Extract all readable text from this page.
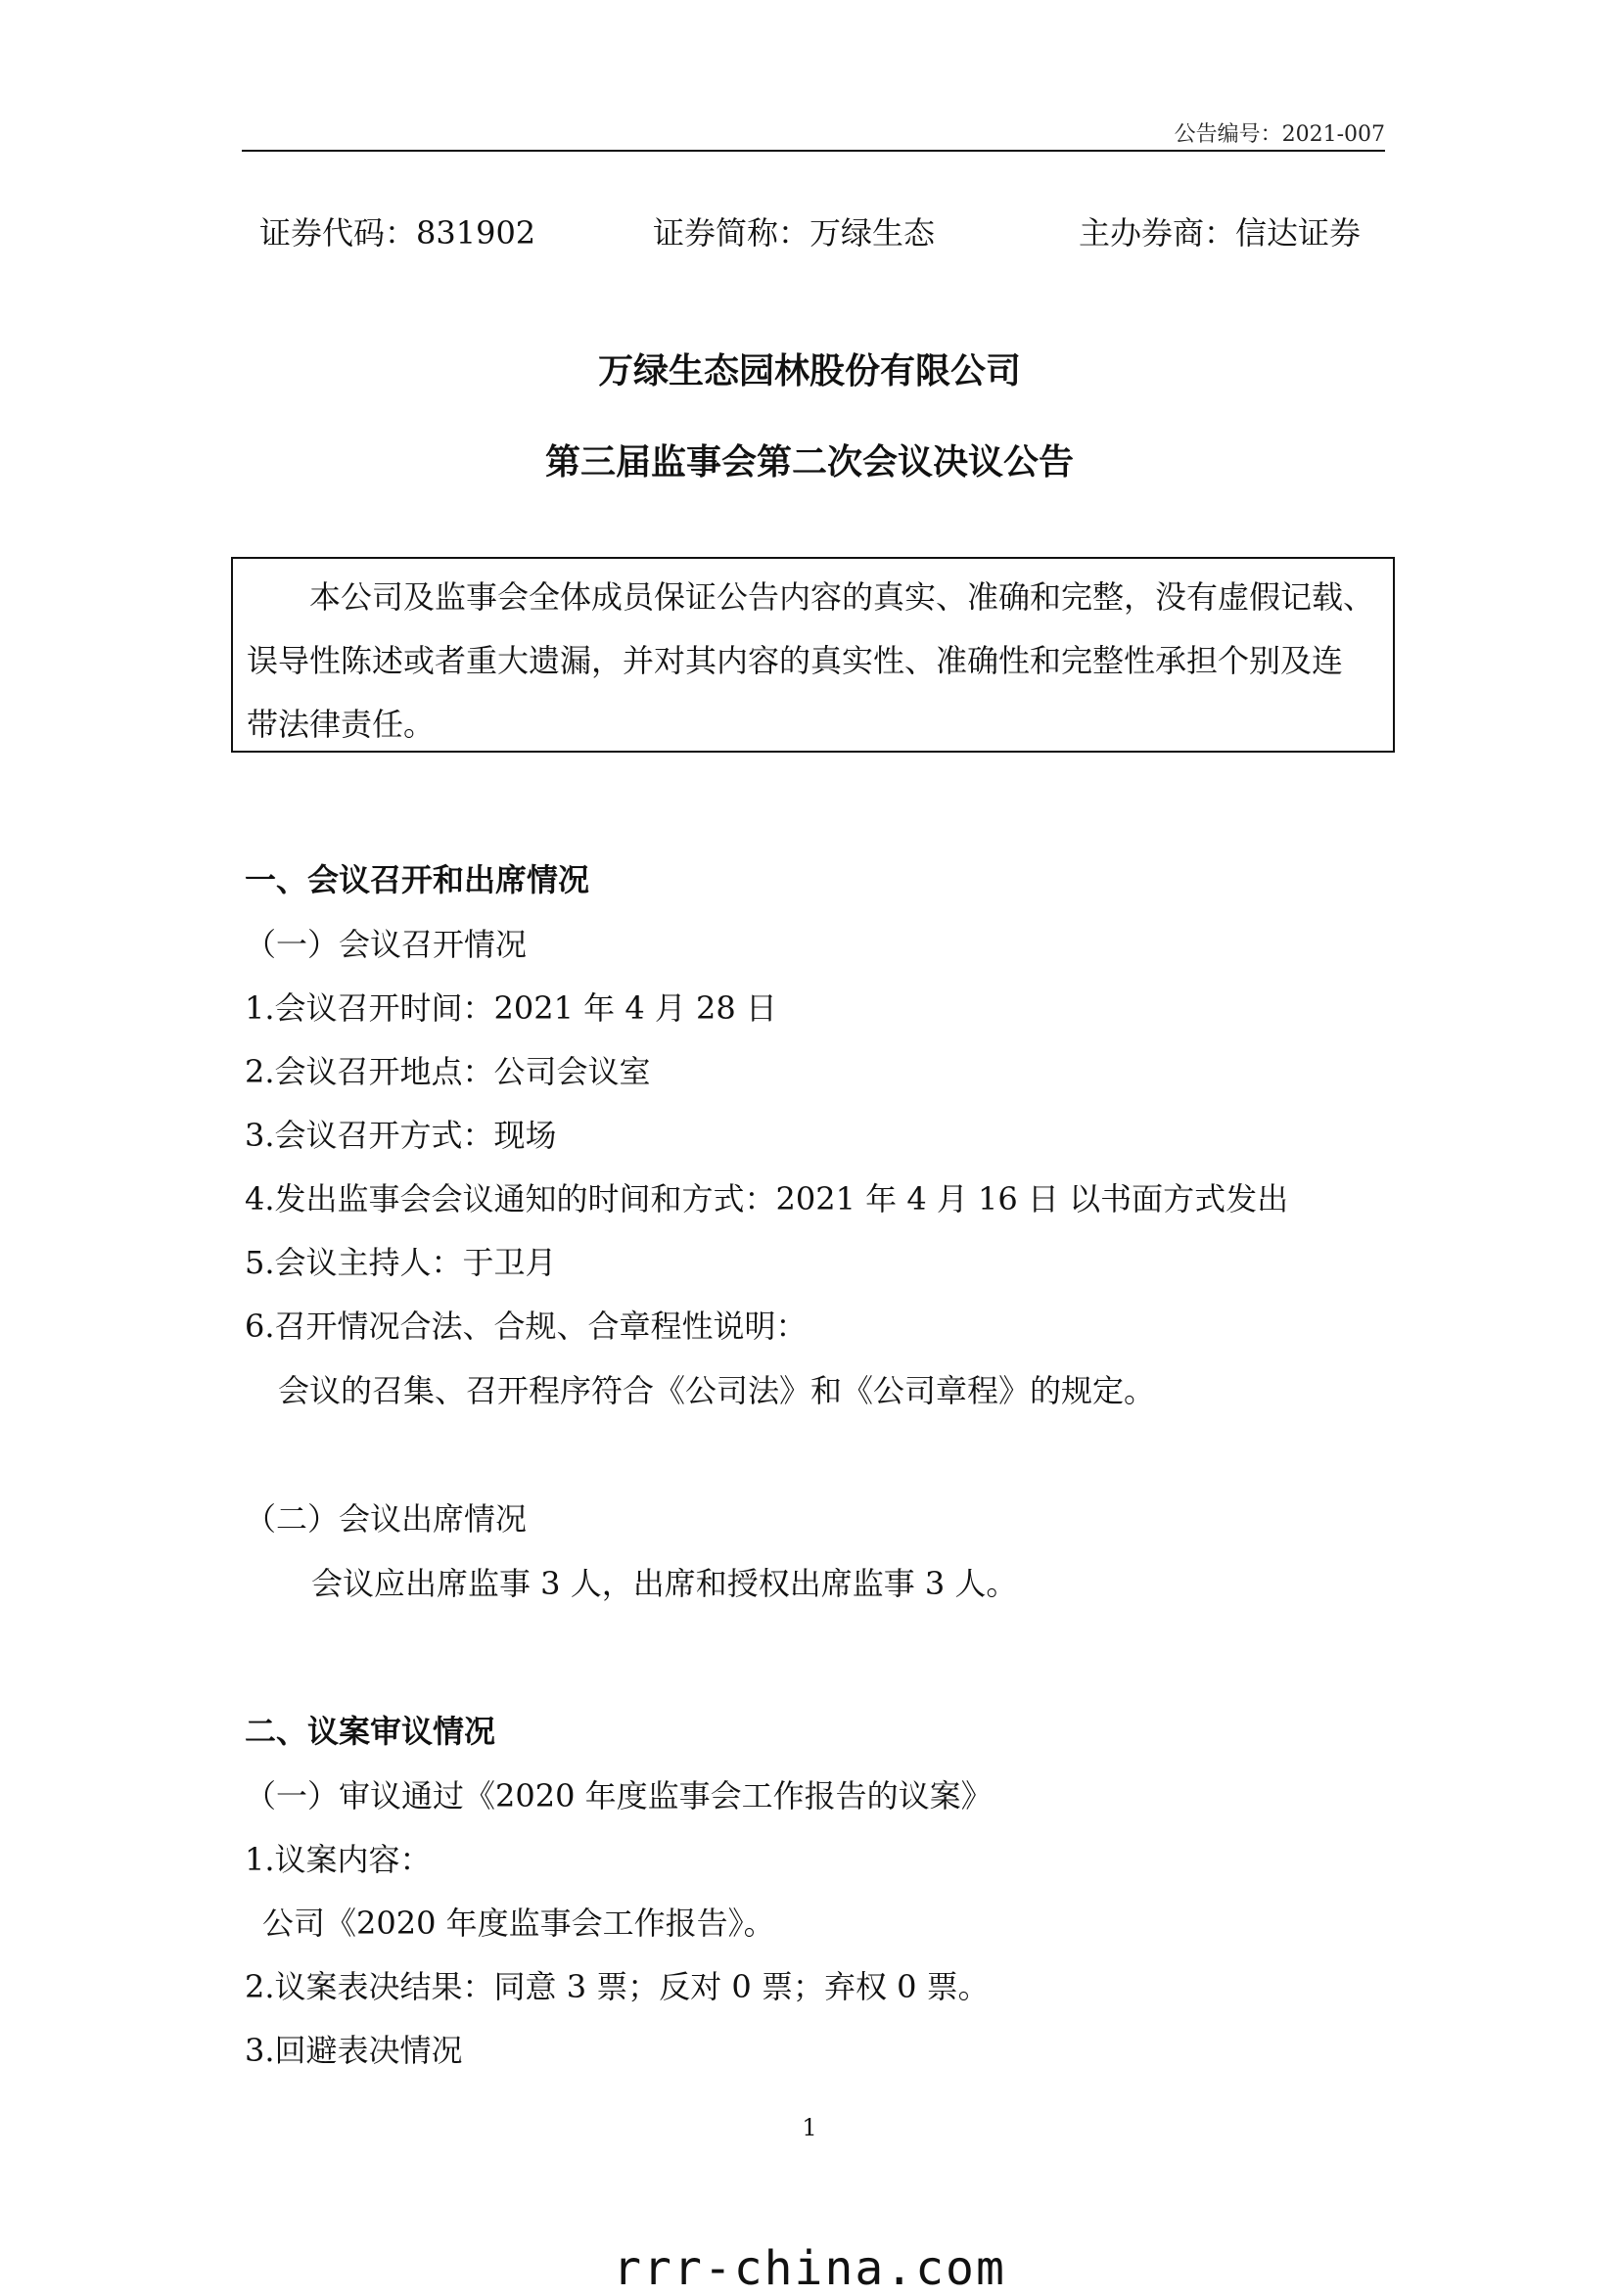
公告编号：2021-007
证券代码：831902	证券简称：万绿生态	主办券商：信达证券
万绿生态园林股份有限公司
第三届监事会第二次会议决议公告
　　本公司及监事会全体成员保证公告内容的真实、准确和完整，没有虚假记载、
误导性陈述或者重大遗漏，并对其内容的真实性、准确性和完整性承担个别及连
带法律责任。
一、会议召开和出席情况
（一）会议召开情况
1.会议召开时间：2021 年 4 月 28 日
2.会议召开地点：公司会议室
3.会议召开方式：现场
4.发出监事会会议通知的时间和方式：2021 年 4 月 16 日 以书面方式发出
5.会议主持人：于卫月
6.召开情况合法、合规、合章程性说明：
会议的召集、召开程序符合《公司法》和《公司章程》的规定。
（二）会议出席情况
会议应出席监事 3 人，出席和授权出席监事 3 人。
二、议案审议情况
（一）审议通过《2020 年度监事会工作报告的议案》
1.议案内容：
公司《2020 年度监事会工作报告》。
2.议案表决结果：同意 3 票；反对 0 票；弃权 0 票。
3.回避表决情况
1
rrr-china.com
